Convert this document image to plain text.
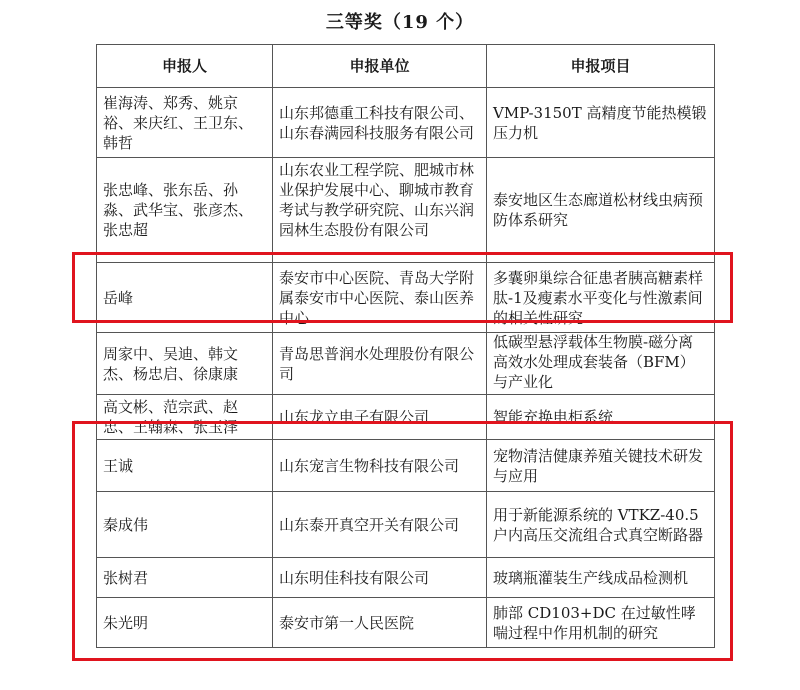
三等奖（19 个）
申报人	申报单位	申报项目
崔海涛、郑秀、姚京裕、来庆红、王卫东、韩哲	山东邦德重工科技有限公司、山东春满园科技服务有限公司	VMP-3150T 高精度节能热模锻压力机
张忠峰、张东岳、孙淼、武华宝、张彦杰、张忠超	山东农业工程学院、肥城市林业保护发展中心、聊城市教育考试与教学研究院、山东兴润园林生态股份有限公司	泰安地区生态廊道松材线虫病预防体系研究
岳峰	泰安市中心医院、青岛大学附属泰安市中心医院、泰山医养中心	多囊卵巢综合征患者胰高糖素样肽-1及瘦素水平变化与性激素间的相关性研究
周家中、吴迪、韩文杰、杨忠启、徐康康	青岛思普润水处理股份有限公司	低碳型悬浮载体生物膜-磁分离高效水处理成套装备（BFM）与产业化

高文彬、范宗武、赵忠、王翰森、张玉泽	山东龙立电子有限公司	智能充换电柜系统
王诚	山东宠言生物科技有限公司	宠物清洁健康养殖关键技术研发与应用
秦成伟	山东泰开真空开关有限公司	用于新能源系统的 VTKZ-40.5户内高压交流组合式真空断路器
张树君	山东明佳科技有限公司	玻璃瓶灌装生产线成品检测机
朱光明	泰安市第一人民医院	肺部 CD103+DC 在过敏性哮喘过程中作用机制的研究
